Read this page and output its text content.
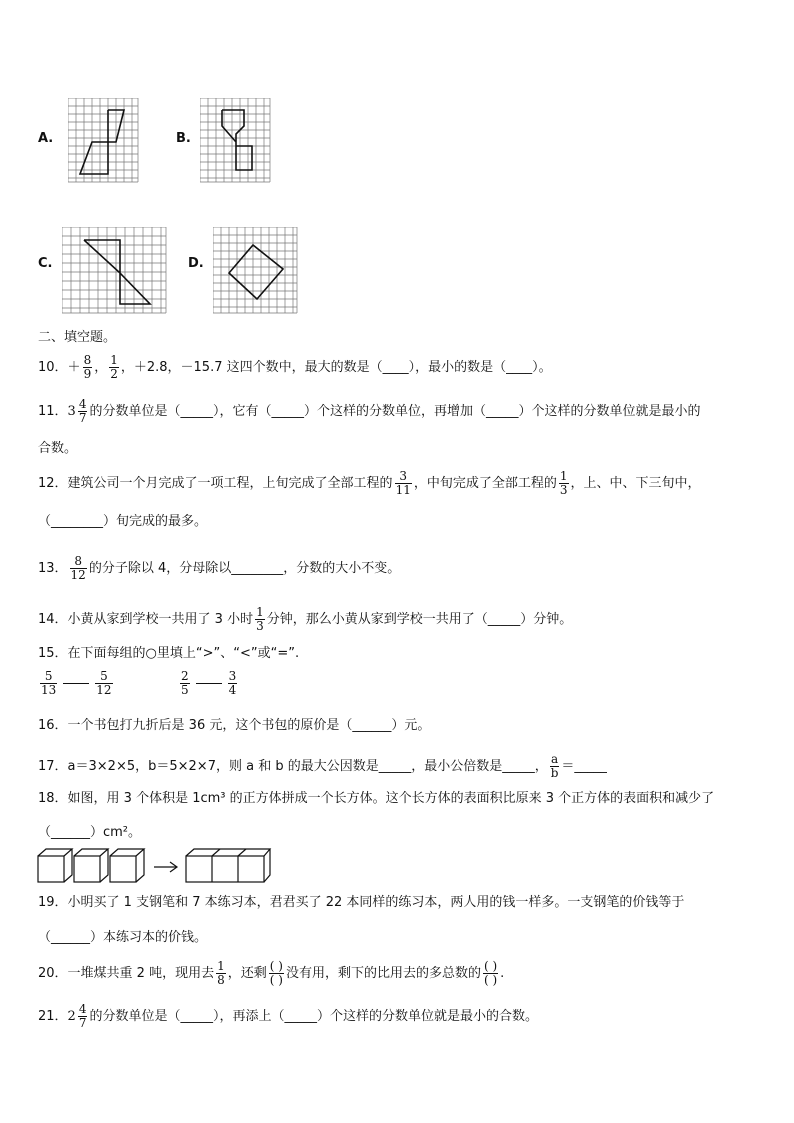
A.	B.
C.	D.
二、填空题。
10．＋ $\frac{8}{9}$ ， $\frac{1}{2}$ ，＋2.8，－15.7 这四个数中，最大的数是（____），最小的数是（____）。
11．$3 \frac{4}{7}$ 的分数单位是（_____），它有（_____）个这样的分数单位，再增加（_____）个这样的分数单位就是最小的
合数。
12．建筑公司一个月完成了一项工程，上旬完成了全部工程的 $\frac{3}{11}$ ，中旬完成了全部工程的 $\frac{1}{3}$ ，上、中、下三旬中，
（________）旬完成的最多。
13． $\frac{8}{12}$ 的分子除以 4，分母除以________，分数的大小不变。
14．小黄从家到学校一共用了 3 小时 $\frac{1}{3}$ 分钟，那么小黄从家到学校一共用了（_____）分钟。
15．在下面每组的○里填上“>”、“<”或“=”.
$\frac{5}{13}$	$\frac{5}{12}$	$\frac{2}{5}$	$\frac{3}{4}$
16．一个书包打九折后是 36 元，这个书包的原价是（______）元。
17．a＝3×2×5，b＝5×2×7，则 a 和 b 的最大公因数是_____，最小公倍数是_____， $\frac{a}{b}$ ＝_____
18．如图，用 3 个体积是 1cm³ 的正方体拼成一个长方体。这个长方体的表面积比原来 3 个正方体的表面积和减少了
（______）cm²。
19．小明买了 1 支钢笔和 7 本练习本，君君买了 22 本同样的练习本，两人用的钱一样多。一支钢笔的价钱等于
（______）本练习本的价钱。
20．一堆煤共重 2 吨，现用去 $\frac{1}{8}$ ，还剩 ( )
( ) 没有用，剩下的比用去的多总数的 ( )
( ) .
21．$2 \frac{4}{7}$ 的分数单位是（_____），再添上（_____）个这样的分数单位就是最小的合数。
